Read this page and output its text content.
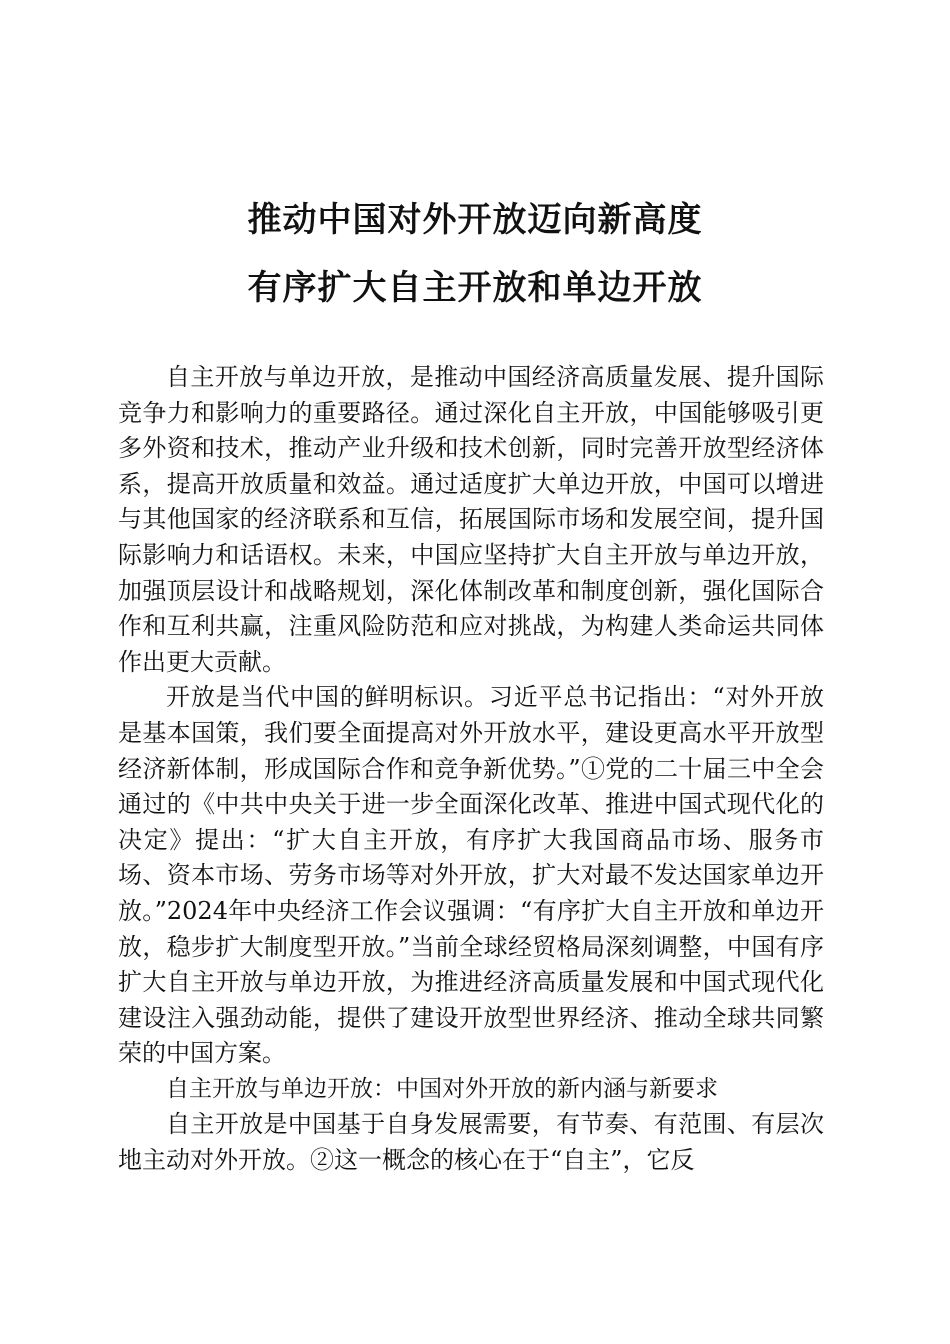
推动中国对外开放迈向新高度
有序扩大自主开放和单边开放

自主开放与单边开放，是推动中国经济高质量发展、提升国际竞争力和影响力的重要路径。通过深化自主开放，中国能够吸引更多外资和技术，推动产业升级和技术创新，同时完善开放型经济体系，提高开放质量和效益。通过适度扩大单边开放，中国可以增进与其他国家的经济联系和互信，拓展国际市场和发展空间，提升国际影响力和话语权。未来，中国应坚持扩大自主开放与单边开放，加强顶层设计和战略规划，深化体制改革和制度创新，强化国际合作和互利共赢，注重风险防范和应对挑战，为构建人类命运共同体作出更大贡献。

开放是当代中国的鲜明标识。习近平总书记指出：“对外开放是基本国策，我们要全面提高对外开放水平，建设更高水平开放型经济新体制，形成国际合作和竞争新优势。”①党的二十届三中全会通过的《中共中央关于进一步全面深化改革、推进中国式现代化的决定》提出：“扩大自主开放，有序扩大我国商品市场、服务市场、资本市场、劳务市场等对外开放，扩大对最不发达国家单边开放。”2024年中央经济工作会议强调：“有序扩大自主开放和单边开放，稳步扩大制度型开放。”当前全球经贸格局深刻调整，中国有序扩大自主开放与单边开放，为推进经济高质量发展和中国式现代化建设注入强劲动能，提供了建设开放型世界经济、推动全球共同繁荣的中国方案。

自主开放与单边开放：中国对外开放的新内涵与新要求

自主开放是中国基于自身发展需要，有节奏、有范围、有层次地主动对外开放。②这一概念的核心在于“自主”，它反
